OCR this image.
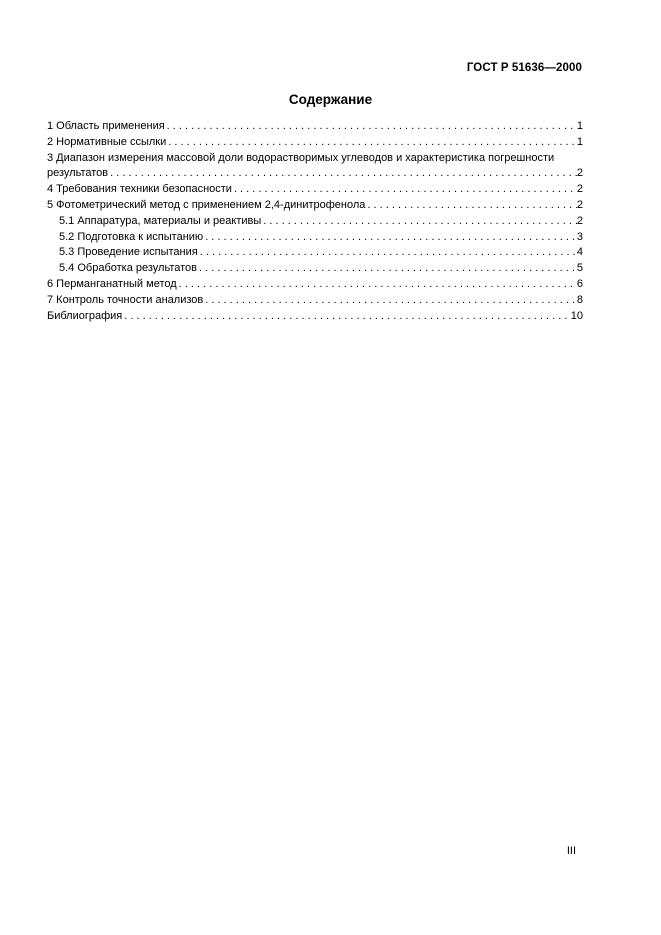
ГОСТ Р 51636—2000
Содержание
1 Область применения . . .	1
2 Нормативные ссылки . . .	1
3 Диапазон измерения массовой доли водорастворимых углеводов и характеристика погрешности
результатов . . .	2
4 Требования техники безопасности . . .	2
5 Фотометрический метод с применением 2,4-динитрофенола . . .	2
5.1 Аппаратура, материалы и реактивы . . .	2
5.2 Подготовка к испытанию . . .	3
5.3 Проведение испытания . . .	4
5.4 Обработка результатов . . .	5
6 Перманганатный метод . . .	6
7 Контроль точности анализов . . .	8
Библиография . . .	10
III
